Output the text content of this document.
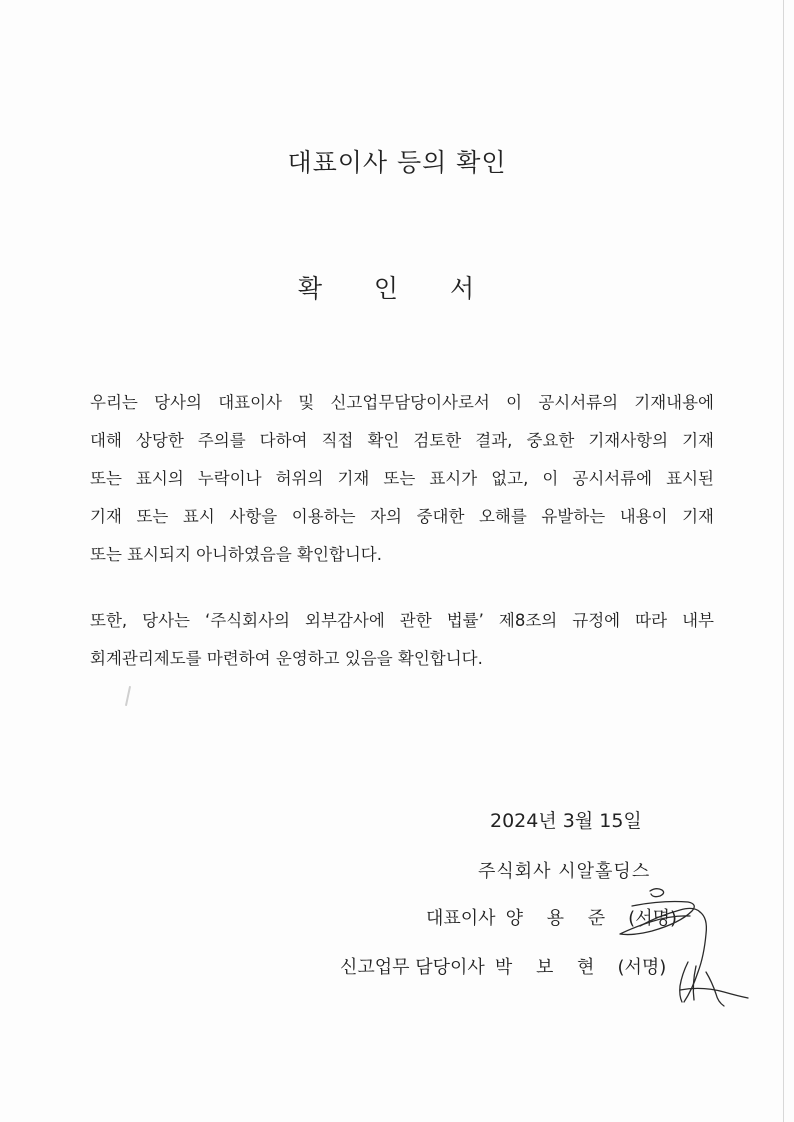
대표이사 등의 확인
확 인 서
우리는 당사의 대표이사 및 신고업무담당이사로서 이 공시서류의 기재내용에
대해 상당한 주의를 다하여 직접 확인 검토한 결과, 중요한 기재사항의 기재
또는 표시의 누락이나 허위의 기재 또는 표시가 없고, 이 공시서류에 표시된
기재 또는 표시 사항을 이용하는 자의 중대한 오해를 유발하는 내용이 기재
또는 표시되지 아니하였음을 확인합니다.
또한, 당사는 ‘주식회사의 외부감사에 관한 법률’ 제8조의 규정에 따라 내부
회계관리제도를 마련하여 운영하고 있음을 확인합니다.
2024년 3월 15일
주식회사 시알홀딩스
대표이사 양 용 준 (서명)
신고업무 담당이사 박 보 현 (서명)
